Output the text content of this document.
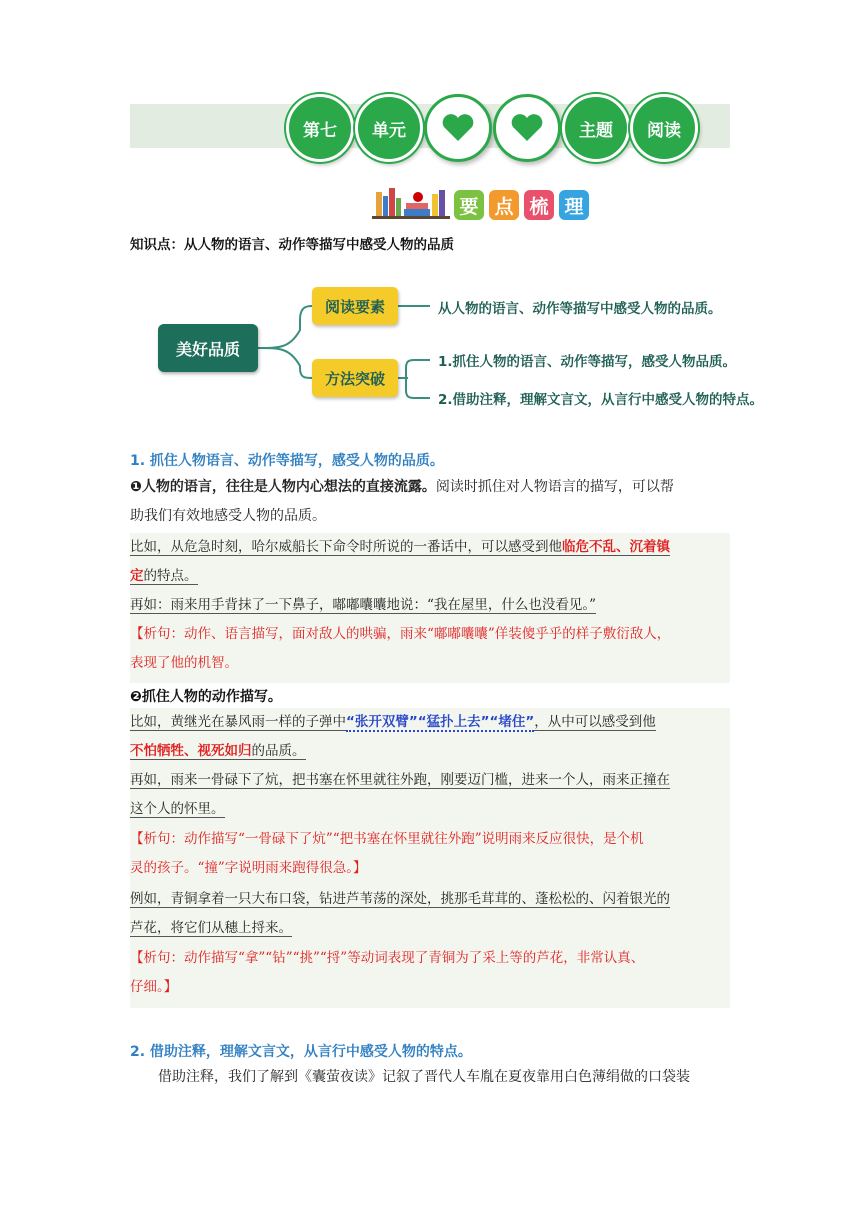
第七	单元	主题	阅读
要 点 梳 理
知识点：从人物的语言、动作等描写中感受人物的品质
美好品质
阅读要素	从人物的语言、动作等描写中感受人物的品质。
方法突破
1.抓住人物的语言、动作等描写，感受人物品质。
2.借助注释，理解文言文，从言行中感受人物的特点。
1. 抓住人物语言、动作等描写，感受人物的品质。
❶人物的语言，往往是人物内心想法的直接流露。阅读时抓住对人物语言的描写，可以帮
助我们有效地感受人物的品质。
比如，从危急时刻，哈尔威船长下命令时所说的一番话中，可以感受到他临危不乱、沉着镇
定的特点。
再如：雨来用手背抹了一下鼻子，嘟嘟囔囔地说：“我在屋里，什么也没看见。”
【析句：动作、语言描写，面对敌人的哄骗，雨来“嘟嘟囔囔”佯装傻乎乎的样子敷衍敌人，
表现了他的机智。
❷抓住人物的动作描写。
比如，黄继光在暴风雨一样的子弹中“张开双臂”“猛扑上去”“堵住”，从中可以感受到他
不怕牺牲、视死如归的品质。
再如，雨来一骨碌下了炕，把书塞在怀里就往外跑，刚要迈门槛，进来一个人，雨来正撞在
这个人的怀里。
【析句：动作描写“一骨碌下了炕”“把书塞在怀里就往外跑”说明雨来反应很快，是个机
灵的孩子。“撞”字说明雨来跑得很急。】
例如，青铜拿着一只大布口袋，钻进芦苇荡的深处，挑那毛茸茸的、蓬松松的、闪着银光的
芦花，将它们从穗上捋来。
【析句：动作描写“拿”“钻”“挑”“捋”等动词表现了青铜为了采上等的芦花，非常认真、
仔细。】
2. 借助注释，理解文言文，从言行中感受人物的特点。
借助注释，我们了解到《囊萤夜读》记叙了晋代人车胤在夏夜靠用白色薄绢做的口袋装
